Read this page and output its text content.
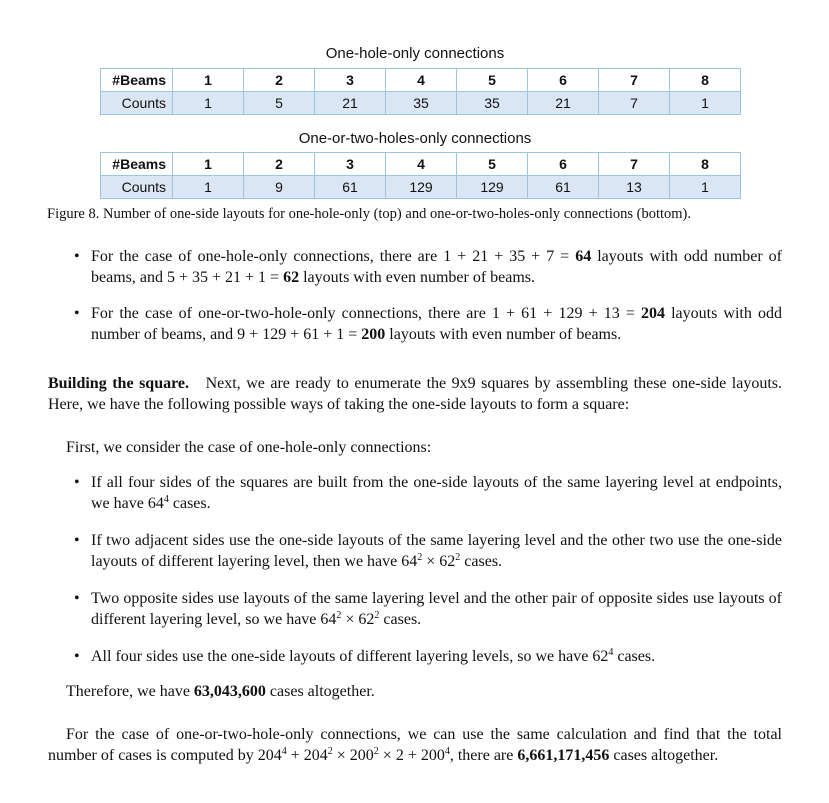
One-hole-only connections
#Beams	1	2	3	4	5	6	7	8
Counts	1	5	21	35	35	21	7	1
One-or-two-holes-only connections
#Beams	1	2	3	4	5	6	7	8
Counts	1	9	61	129	129	61	13	1
Figure 8. Number of one-side layouts for one-hole-only (top) and one-or-two-holes-only connections (bottom).
• For the case of one-hole-only connections, there are 1 + 21 + 35 + 7 = 64 layouts with odd number of beams, and 5 + 35 + 21 + 1 = 62 layouts with even number of beams.
• For the case of one-or-two-hole-only connections, there are 1 + 61 + 129 + 13 = 204 layouts with odd number of beams, and 9 + 129 + 61 + 1 = 200 layouts with even number of beams.
Building the square. Next, we are ready to enumerate the 9x9 squares by assembling these one-side layouts. Here, we have the following possible ways of taking the one-side layouts to form a square:
First, we consider the case of one-hole-only connections:
• If all four sides of the squares are built from the one-side layouts of the same layering level at endpoints, we have $64^4$ cases.
• If two adjacent sides use the one-side layouts of the same layering level and the other two use the one-side layouts of different layering level, then we have $64^2 \times 62^2$ cases.
• Two opposite sides use layouts of the same layering level and the other pair of opposite sides use layouts of different layering level, so we have $64^2 \times 62^2$ cases.
• All four sides use the one-side layouts of different layering levels, so we have $62^4$ cases.
Therefore, we have 63,043,600 cases altogether.
For the case of one-or-two-hole-only connections, we can use the same calculation and find that the total number of cases is computed by $204^4 + 204^2 \times 200^2 \times 2 + 200^4$, there are 6,661,171,456 cases altogether.
